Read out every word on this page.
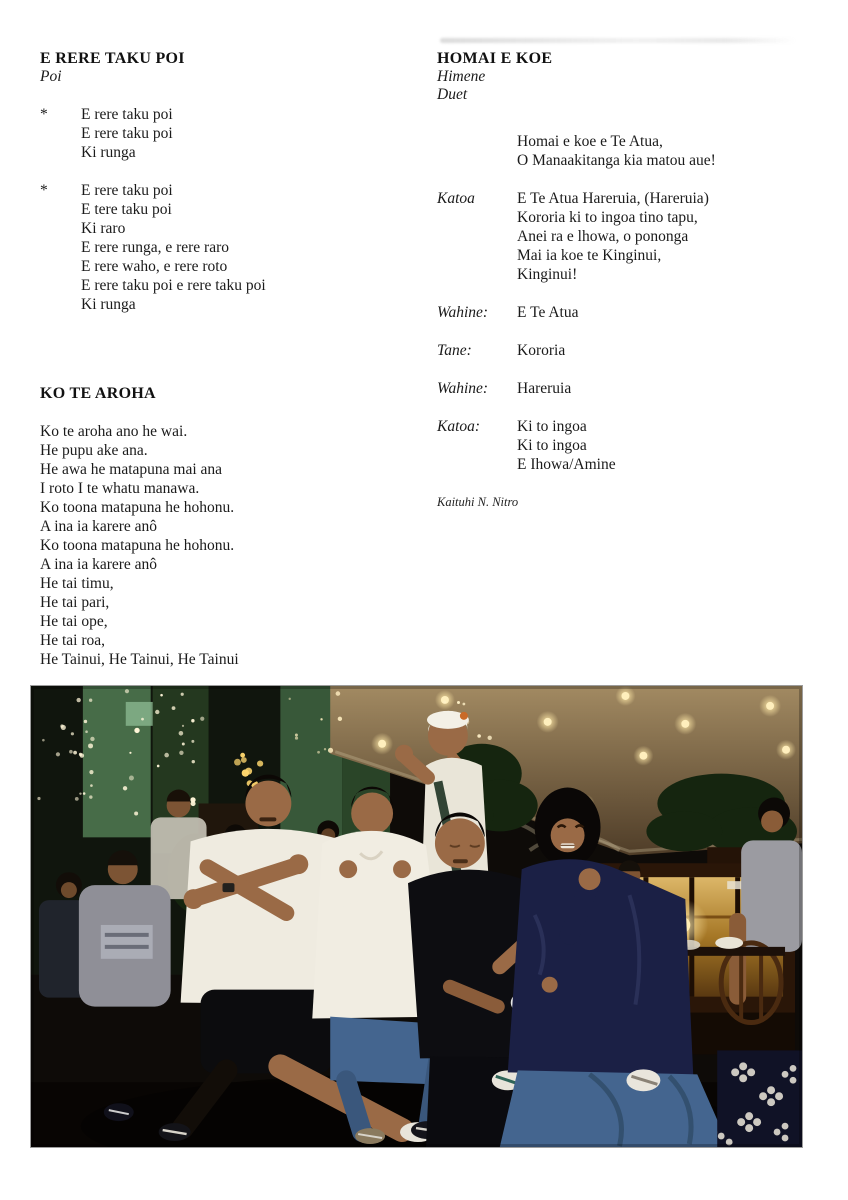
E RERE TAKU POI
Poi
*	E rere taku poi
E rere taku poi
Ki runga
*	E rere taku poi
E tere taku poi
Ki raro
E rere runga, e rere raro
E rere waho, e rere roto
E rere taku poi e rere taku poi
Ki runga
KO TE AROHA
Ko te aroha ano he wai.
He pupu ake ana.
He awa he matapuna mai ana
I roto I te whatu manawa.
Ko toona matapuna he hohonu.
A ina ia karere anô
Ko toona matapuna he hohonu.
A ina ia karere anô
He tai timu,
He tai pari,
He tai ope,
He tai roa,
He Tainui, He Tainui, He Tainui
HOMAI E KOE
Himene
Duet
Homai e koe e Te Atua,
O Manaakitanga kia matou aue!
Katoa	E Te Atua Hareruia, (Hareruia)
Kororia ki to ingoa tino tapu,
Anei ra e lhowa, o pononga
Mai ia koe te Kinginui,
Kinginui!
Wahine:	E Te Atua
Tane:	Kororia
Wahine:	Hareruia
Katoa:	Ki to ingoa
Ki to ingoa
E Ihowa/Amine
Kaituhi N. Nitro
